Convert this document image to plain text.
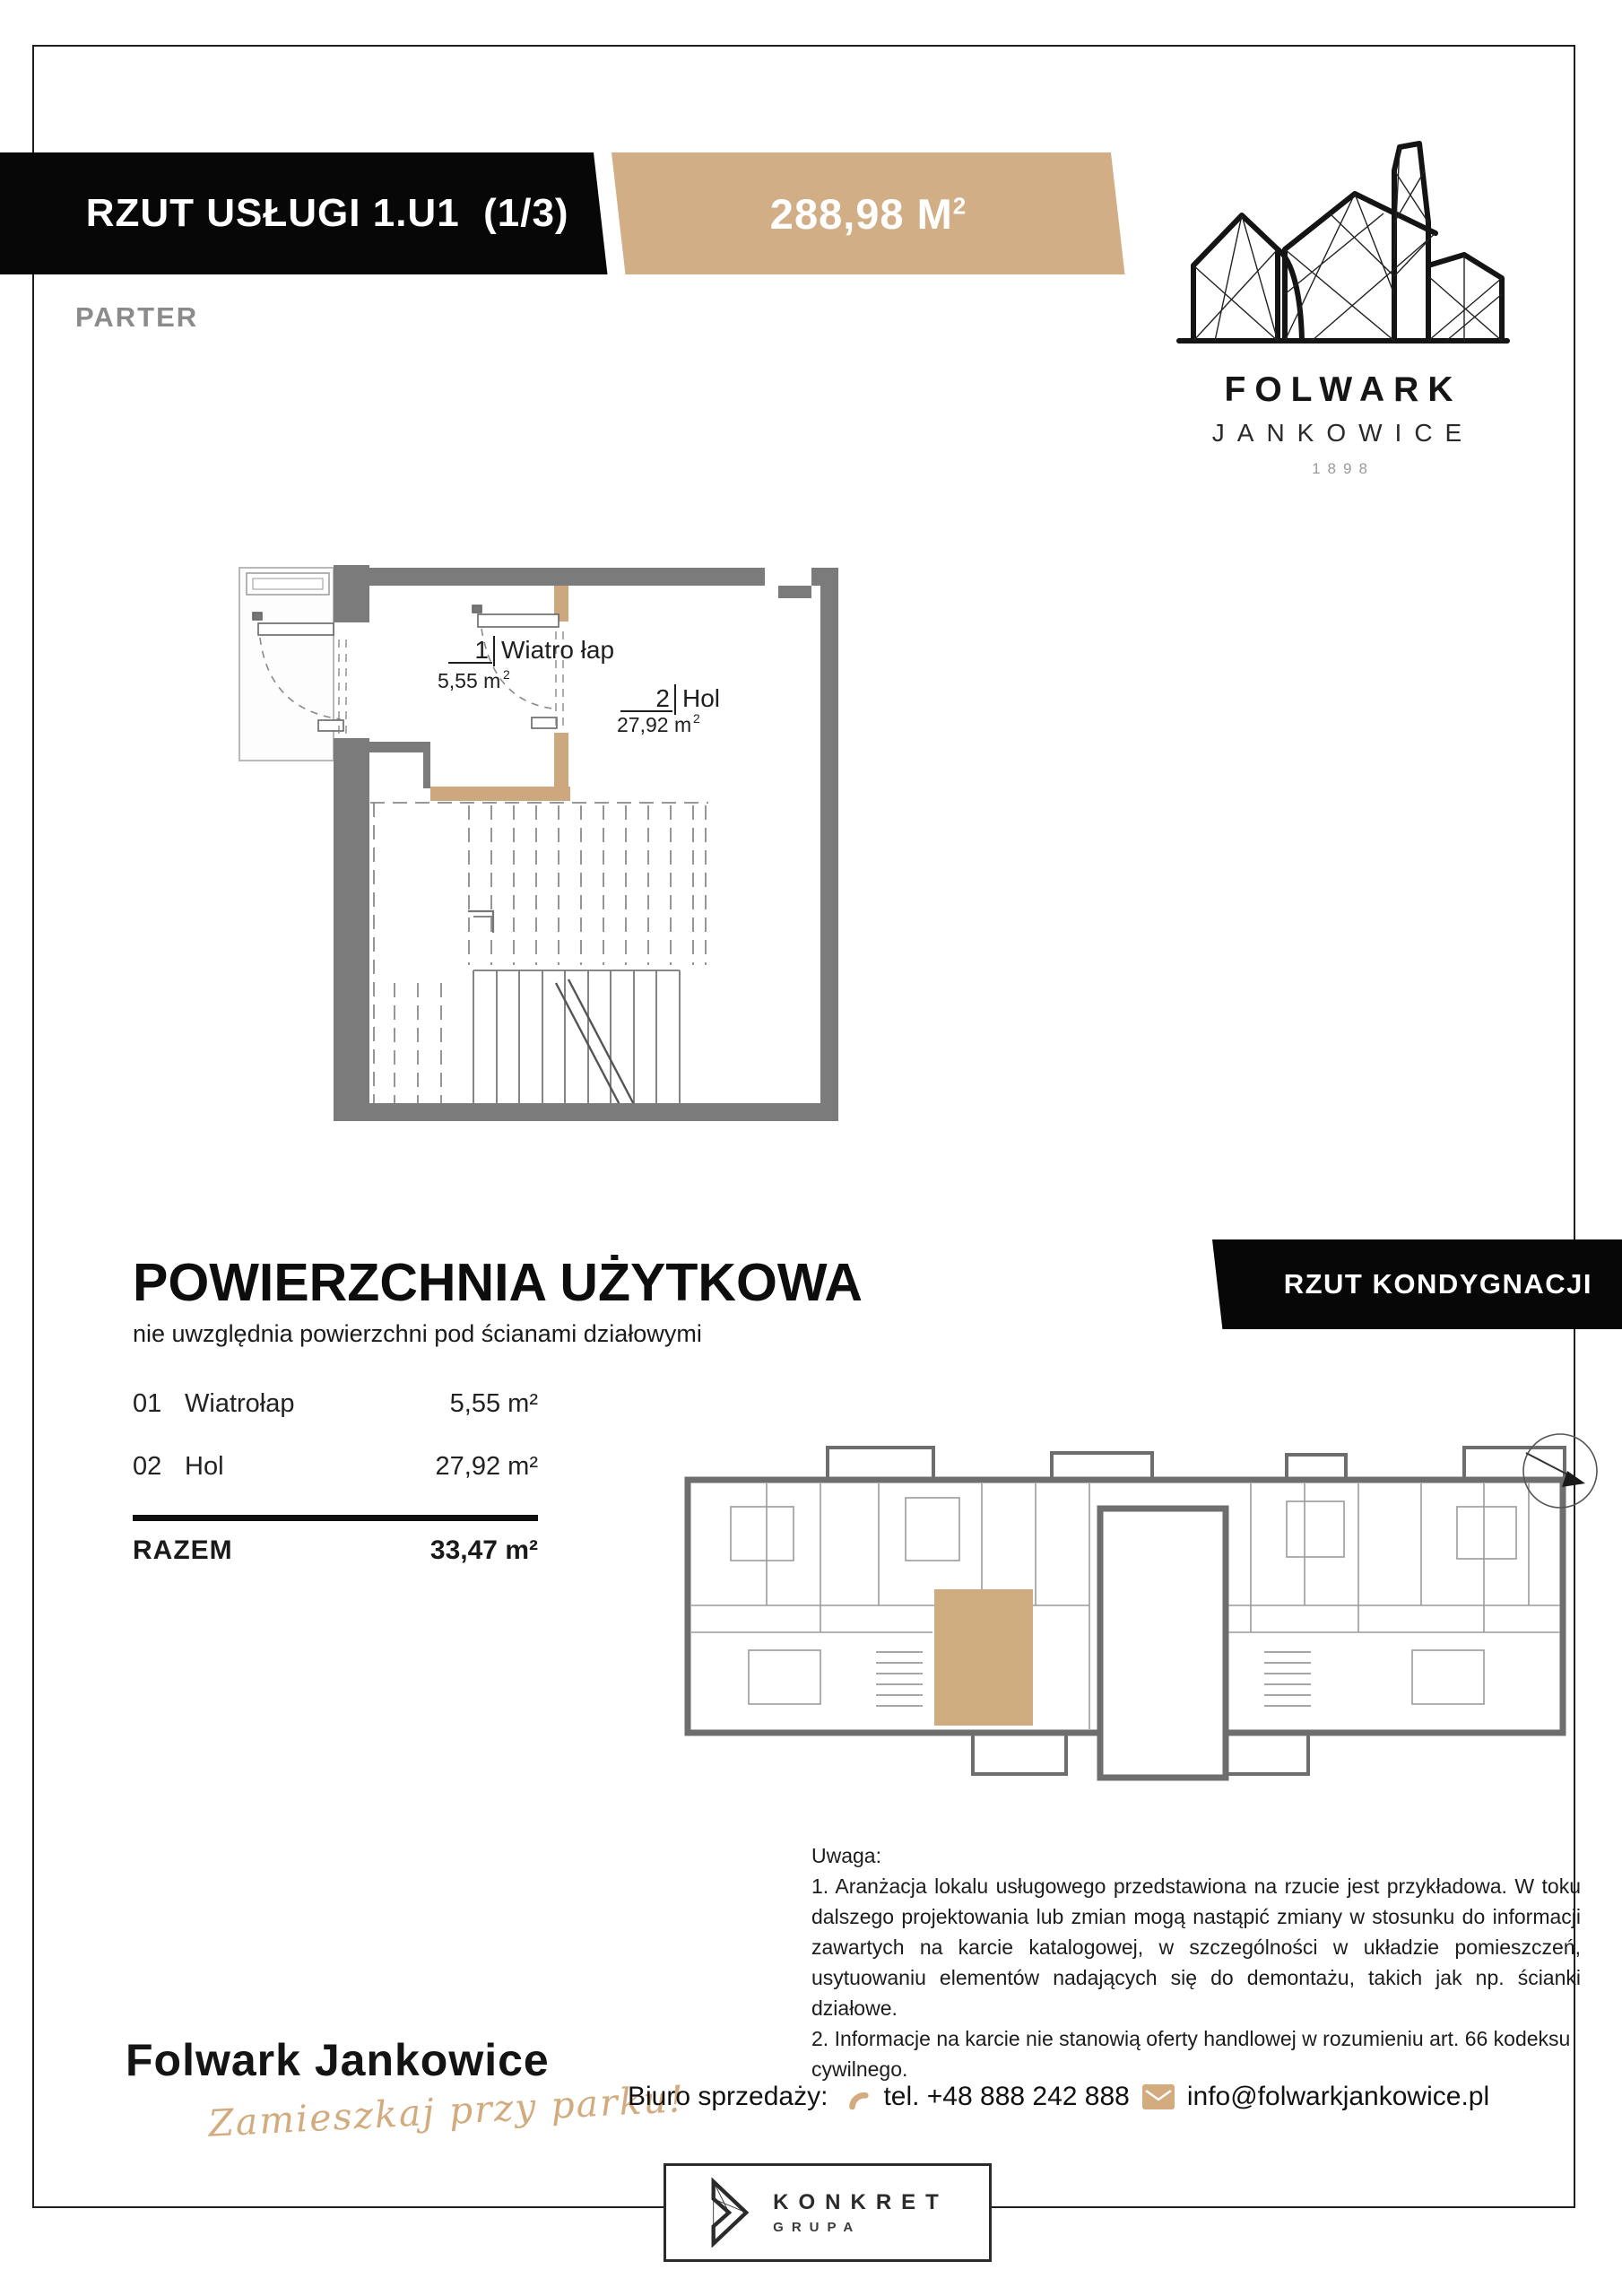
RZUT USŁUGI 1.U1  (1/3)	288,98 $M^2$
PARTER
FOLWARK
JANKOWICE
1898
1 Wiatro łap
5,55 m 2
2 Hol
27,92 m 2
POWIERZCHNIA UŻYTKOWA
nie uwzględnia powierzchni pod ścianami działowymi
01 Wiatrołap	5,55 m²
02 Hol	27,92 m²
RAZEM	33,47 m²
RZUT KONDYGNACJI
Uwaga:
1. Aranżacja lokalu usługowego przedstawiona na rzucie jest przykładowa. W toku dalszego projektowania lub zmian mogą nastąpić zmiany w stosunku do informacji zawartych na karcie katalogowej, w szczególności w układzie pomieszczeń, usytuowaniu elementów nadających się do demontażu, takich jak np. ścianki działowe.
2. Informacje na karcie nie stanowią oferty handlowej w rozumieniu art. 66 kodeksu cywilnego.
Folwark Jankowice
Zamieszkaj przy parku!
Biuro sprzedaży: tel. +48 888 242 888 info@folwarkjankowice.pl
KONKRET
GRUPA
